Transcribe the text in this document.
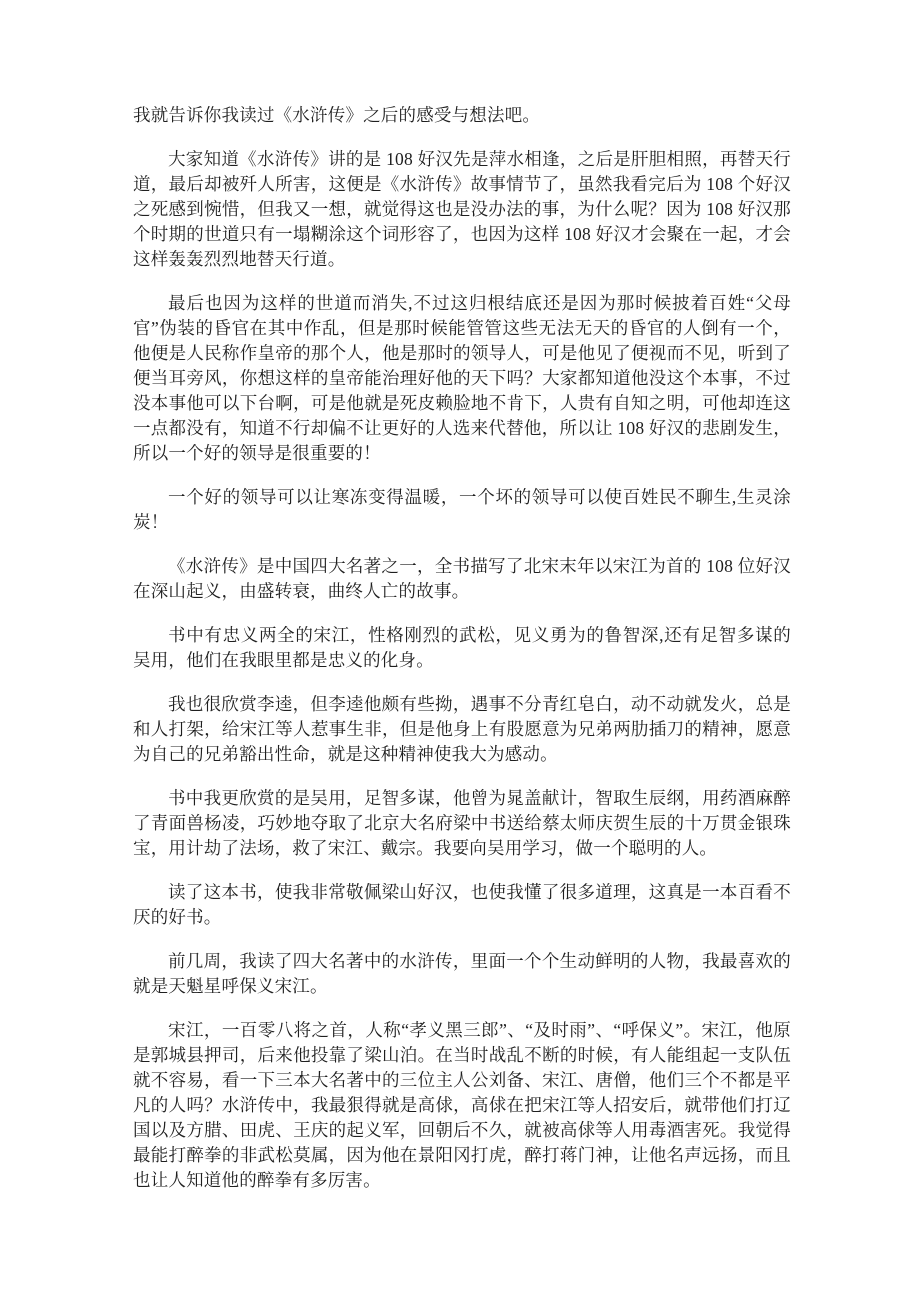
我就告诉你我读过《水浒传》之后的感受与想法吧。

大家知道《水浒传》讲的是 108 好汉先是萍水相逢，之后是肝胆相照，再替天行道，最后却被歼人所害，这便是《水浒传》故事情节了，虽然我看完后为 108 个好汉之死感到惋惜，但我又一想，就觉得这也是没办法的事，为什么呢？因为 108 好汉那个时期的世道只有一塌糊涂这个词形容了，也因为这样 108 好汉才会聚在一起，才会这样轰轰烈烈地替天行道。

最后也因为这样的世道而消失,不过这归根结底还是因为那时候披着百姓“父母官”伪装的昏官在其中作乱，但是那时候能管管这些无法无天的昏官的人倒有一个，他便是人民称作皇帝的那个人，他是那时的领导人，可是他见了便视而不见，听到了便当耳旁风，你想这样的皇帝能治理好他的天下吗？大家都知道他没这个本事，不过没本事他可以下台啊，可是他就是死皮赖脸地不肯下，人贵有自知之明，可他却连这一点都没有，知道不行却偏不让更好的人选来代替他，所以让 108 好汉的悲剧发生，所以一个好的领导是很重要的！

一个好的领导可以让寒冻变得温暖，一个坏的领导可以使百姓民不聊生,生灵涂炭！

《水浒传》是中国四大名著之一，全书描写了北宋末年以宋江为首的 108 位好汉在深山起义，由盛转衰，曲终人亡的故事。

书中有忠义两全的宋江，性格刚烈的武松，见义勇为的鲁智深,还有足智多谋的吴用，他们在我眼里都是忠义的化身。

我也很欣赏李逵，但李逵他颇有些拗，遇事不分青红皂白，动不动就发火，总是和人打架，给宋江等人惹事生非，但是他身上有股愿意为兄弟两肋插刀的精神，愿意为自己的兄弟豁出性命，就是这种精神使我大为感动。

书中我更欣赏的是吴用，足智多谋，他曾为晁盖献计，智取生辰纲，用药酒麻醉了青面兽杨凌，巧妙地夺取了北京大名府梁中书送给蔡太师庆贺生辰的十万贯金银珠宝，用计劫了法场，救了宋江、戴宗。我要向吴用学习，做一个聪明的人。

读了这本书，使我非常敬佩梁山好汉，也使我懂了很多道理，这真是一本百看不厌的好书。

前几周，我读了四大名著中的水浒传，里面一个个生动鲜明的人物，我最喜欢的就是天魁星呼保义宋江。

宋江，一百零八将之首，人称“孝义黑三郎”、“及时雨”、“呼保义”。宋江，他原是郭城县押司，后来他投靠了梁山泊。在当时战乱不断的时候，有人能组起一支队伍就不容易，看一下三本大名著中的三位主人公刘备、宋江、唐僧，他们三个不都是平凡的人吗？水浒传中，我最狠得就是高俅，高俅在把宋江等人招安后，就带他们打辽国以及方腊、田虎、王庆的起义军，回朝后不久，就被高俅等人用毒酒害死。我觉得最能打醉拳的非武松莫属，因为他在景阳冈打虎，醉打蒋门神，让他名声远扬，而且也让人知道他的醉拳有多厉害。
